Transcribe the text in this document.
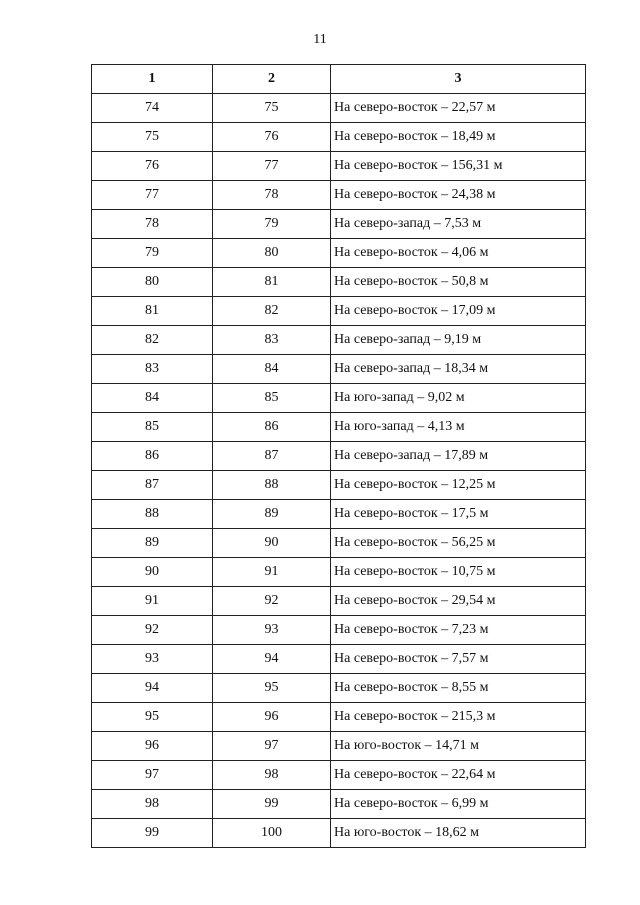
11
1	2	3
74	75	На северо-восток – 22,57 м
75	76	На северо-восток – 18,49 м
76	77	На северо-восток – 156,31 м
77	78	На северо-восток – 24,38 м
78	79	На северо-запад – 7,53 м
79	80	На северо-восток – 4,06 м
80	81	На северо-восток – 50,8 м
81	82	На северо-восток – 17,09 м
82	83	На северо-запад – 9,19 м
83	84	На северо-запад – 18,34 м
84	85	На юго-запад – 9,02 м
85	86	На юго-запад – 4,13 м
86	87	На северо-запад – 17,89 м
87	88	На северо-восток – 12,25 м
88	89	На северо-восток – 17,5 м
89	90	На северо-восток – 56,25 м
90	91	На северо-восток – 10,75 м
91	92	На северо-восток – 29,54 м
92	93	На северо-восток – 7,23 м
93	94	На северо-восток – 7,57 м
94	95	На северо-восток – 8,55 м
95	96	На северо-восток – 215,3 м
96	97	На юго-восток – 14,71 м
97	98	На северо-восток – 22,64 м
98	99	На северо-восток – 6,99 м
99	100	На юго-восток – 18,62 м
